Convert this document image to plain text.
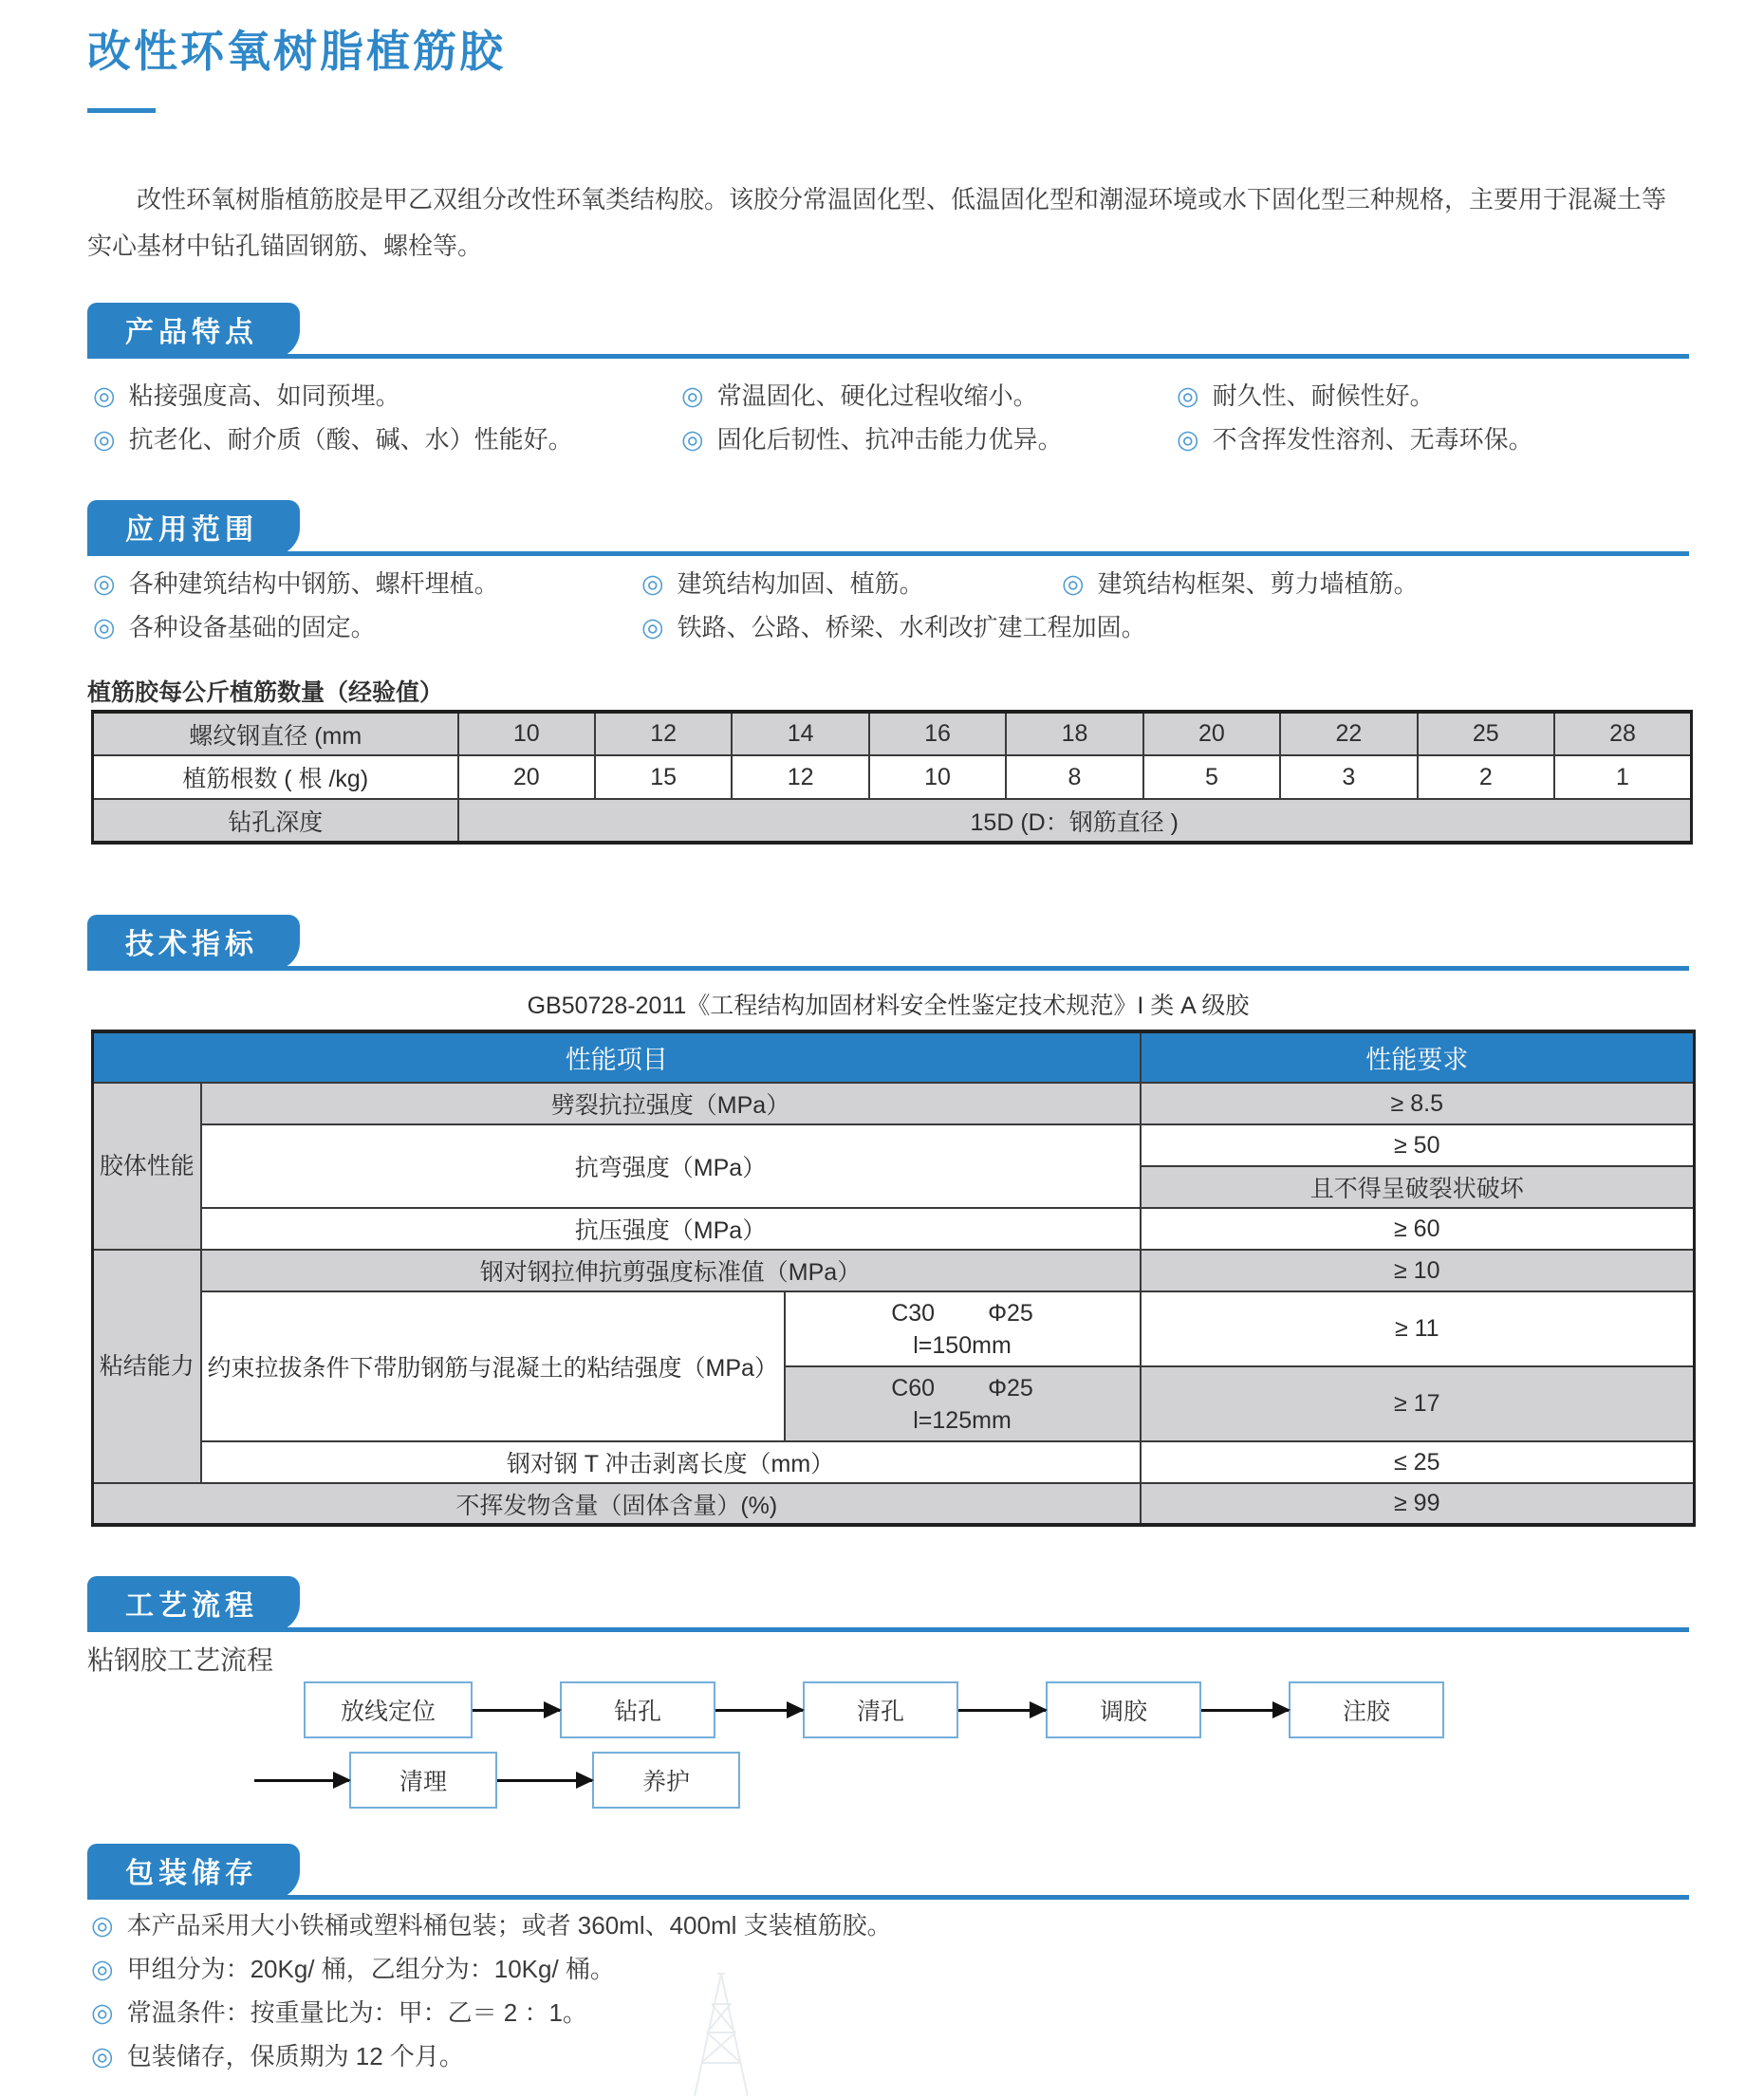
改性环氧树脂植筋胶
改性环氧树脂植筋胶是甲乙双组分改性环氧类结构胶。该胶分常温固化型、低温固化型和潮湿环境或水下固化型三种规格，主要用于混凝土等实心基材中钻孔锚固钢筋、螺栓等。
产品特点
◎ 粘接强度高、如同预埋。
◎ 抗老化、耐介质（酸、碱、水）性能好。
◎ 常温固化、硬化过程收缩小。
◎ 固化后韧性、抗冲击能力优异。
◎ 耐久性、耐候性好。
◎ 不含挥发性溶剂、无毒环保。
应用范围
◎ 各种建筑结构中钢筋、螺杆埋植。
◎ 各种设备基础的固定。
◎ 建筑结构加固、植筋。
◎ 铁路、公路、桥梁、水利改扩建工程加固。
◎ 建筑结构框架、剪力墙植筋。
植筋胶每公斤植筋数量（经验值）
螺纹钢直径 (mm	10	12	14	16	18	20	22	25	28
植筋根数 ( 根 /kg)	20	15	12	10	8	5	3	2	1
钻孔深度	15D (D：钢筋直径 )								
技术指标
GB50728-2011《工程结构加固材料安全性鉴定技术规范》I 类 A 级胶
性能项目			性能要求
胶体性能	劈裂抗拉强度（MPa）		≥ 8.5
	抗弯强度（MPa）		≥ 50
			且不得呈破裂状破坏
	抗压强度（MPa）		≥ 60
粘结能力	钢对钢拉伸抗剪强度标准值（MPa）		≥ 10
	约束拉拔条件下带肋钢筋与混凝土的粘结强度（MPa）	C30 Φ25
l=150mm	≥ 11

		C60 Φ25
l=125mm	≥ 17
	钢对钢 T 冲击剥离长度（mm）		≤ 25
不挥发物含量（固体含量）(%)			≥ 99
工艺流程
粘钢胶工艺流程
放线定位	钻孔	清孔	调胶	注胶
清理	养护
包装储存
◎ 本产品采用大小铁桶或塑料桶包装；或者 360ml、400ml 支装植筋胶。
◎ 甲组分为：20Kg/ 桶，乙组分为：10Kg/ 桶。
◎ 常温条件：按重量比为：甲：乙＝ 2 ：1。
◎ 包装储存，保质期为 12 个月。
